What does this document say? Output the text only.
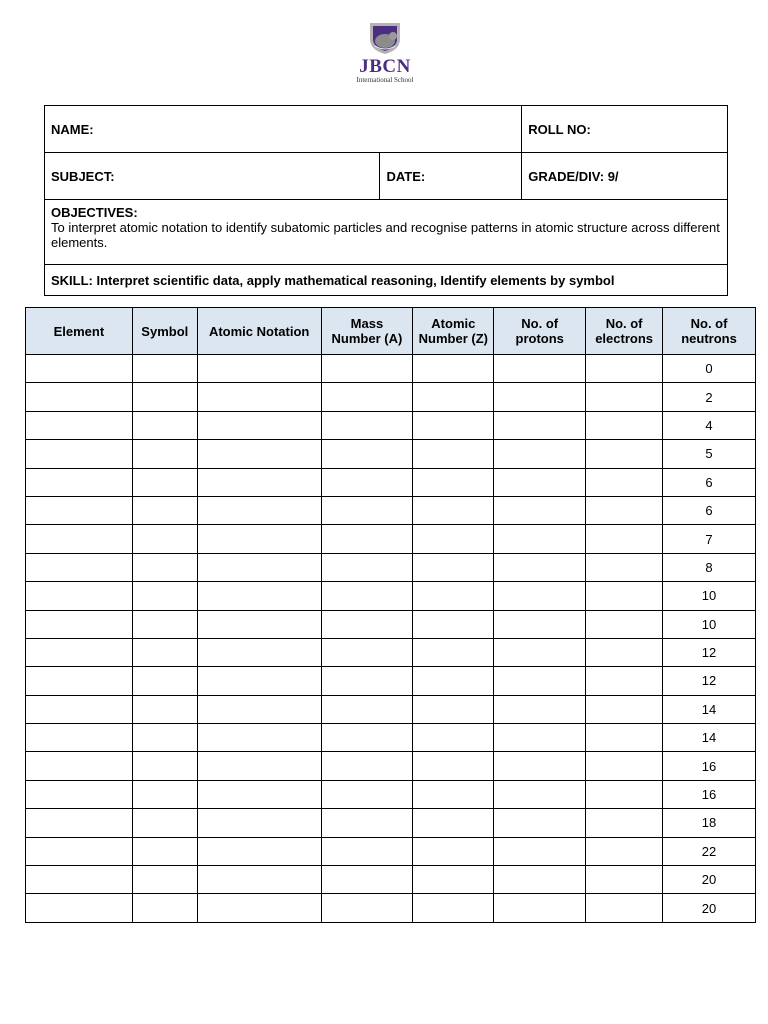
JBCN
International School
NAME:		ROLL NO:
SUBJECT:	DATE:	GRADE/DIV: 9/

OBJECTIVES:
To interpret atomic notation to identify subatomic particles and recognise patterns in atomic structure across different elements.		

SKILL: Interpret scientific data, apply mathematical reasoning, Identify elements by symbol		
Element	Symbol	Atomic Notation	Mass Number (A)	Atomic Number (Z)	No. of protons	No. of electrons	No. of neutrons
							0
							2
							4
							5
							6
							6
							7
							8
							10
							10
							12
							12
							14
							14
							16
							16
							18
							22
							20
							20
